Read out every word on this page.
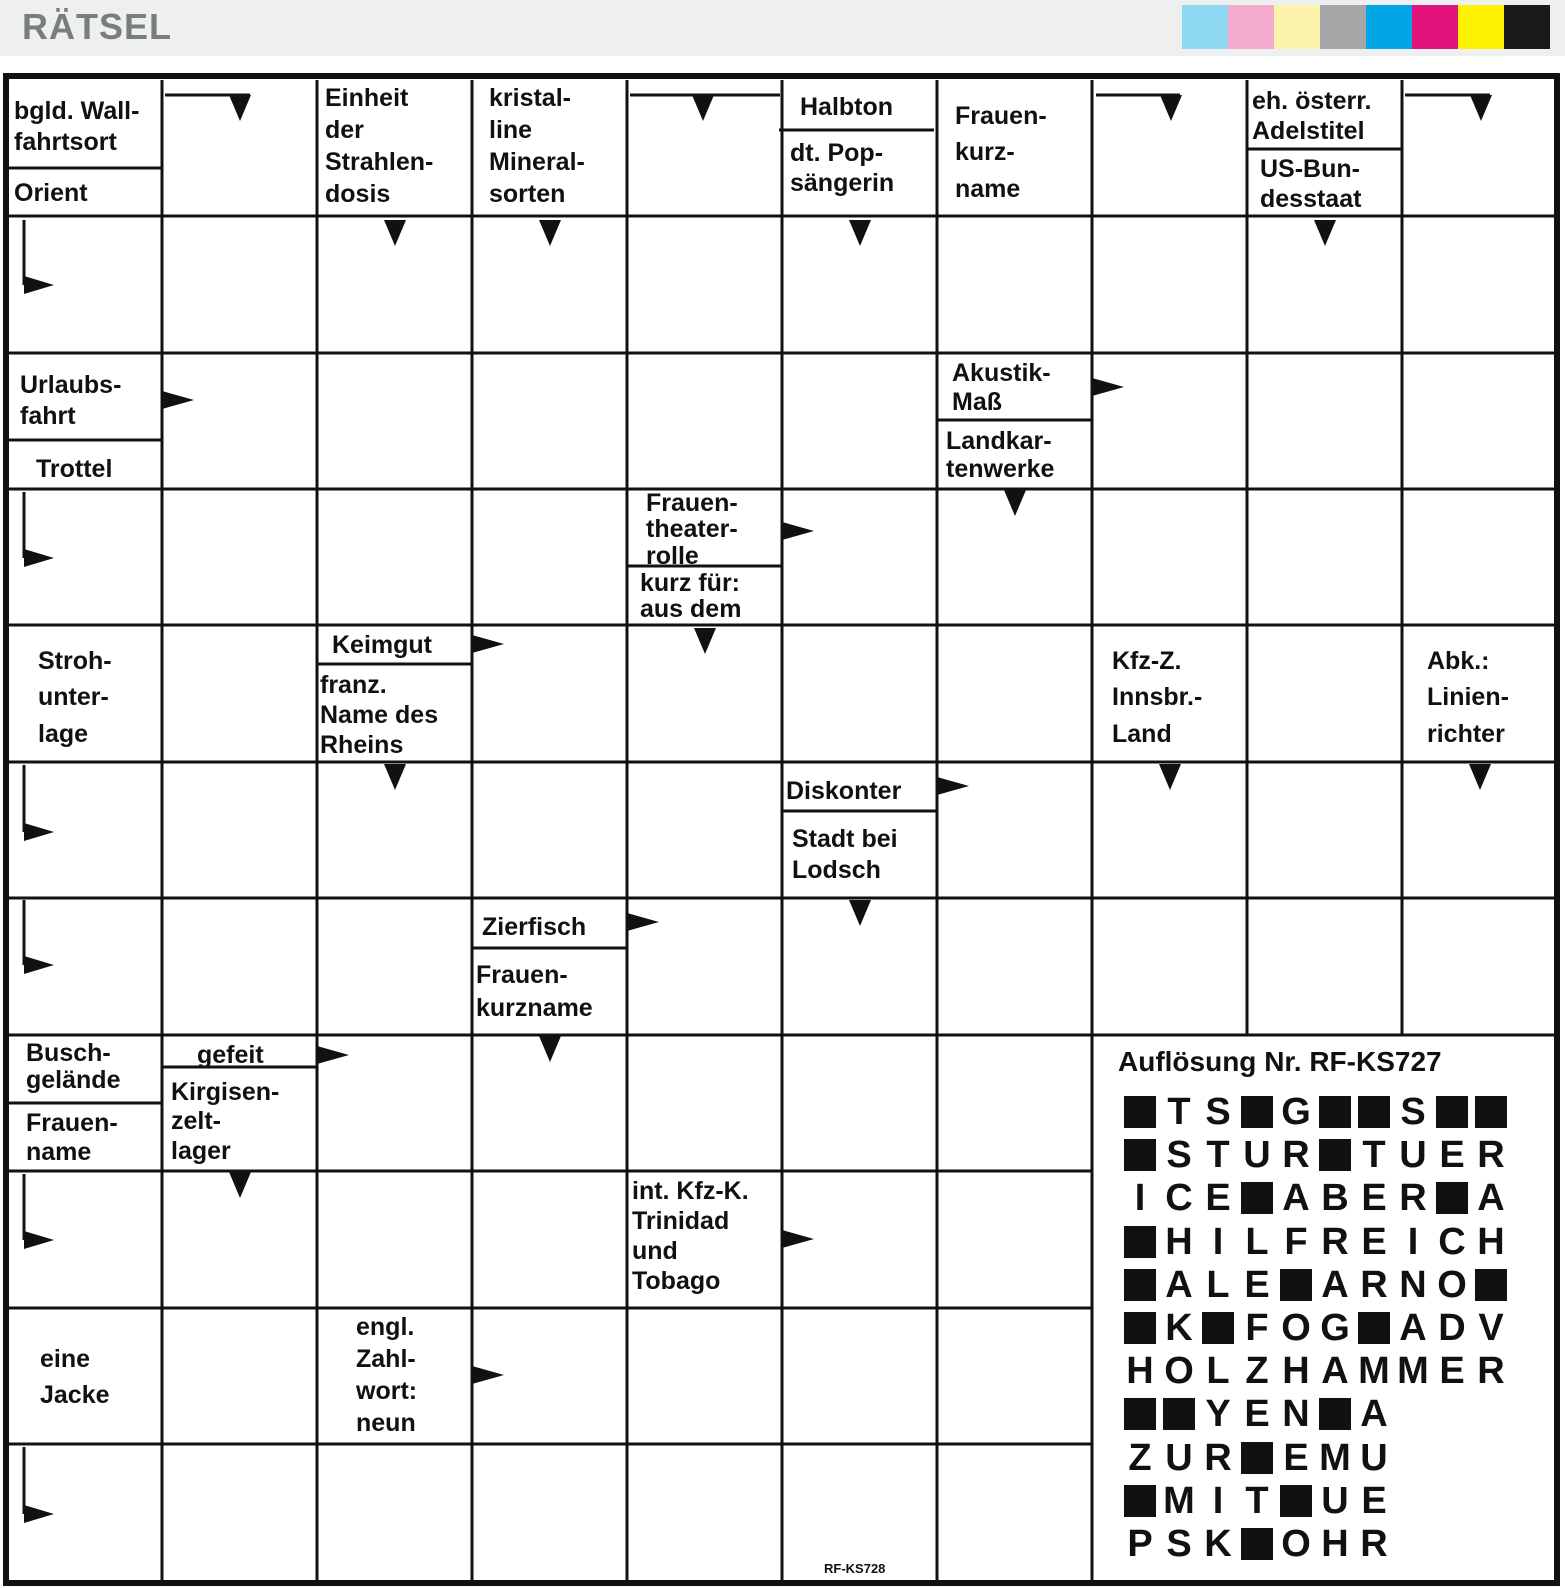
RÄTSEL
bgld. Wall-
fahrtsort
Orient
Einheit
der
Strahlen-
dosis
kristal-
line
Mineral-
sorten
Halbton
dt. Pop-
sängerin
Frauen-
kurz-
name
eh. österr.
Adelstitel
US-Bun-
desstaat
Urlaubs-
fahrt
Trottel
Akustik-
Maß
Landkar-
tenwerke
Frauen-
theater-
rolle
kurz für:
aus dem
Stroh-
unter-
lage
Keimgut
franz.
Name des
Rheins
Kfz-Z.
Innsbr.-
Land
Abk.:
Linien-
richter
Diskonter
Stadt bei
Lodsch
Zierfisch
Frauen-
kurzname
Busch-
gelände
gefeit
Frauen-
name
Kirgisen-
zelt-
lager
int. Kfz-K.
Trinidad
und
Tobago
eine
Jacke
engl.
Zahl-
wort:
neun
Auflösung Nr. RF-KS727
T S G S
S T U R T U E R
I C E A B E R A
H I L F R E I C H
A L E A R N O
K F O G A D V
H O L Z H A M M E R
Y E N A
Z U R E M U
M I T U E
P S K O H R
RF-KS728
